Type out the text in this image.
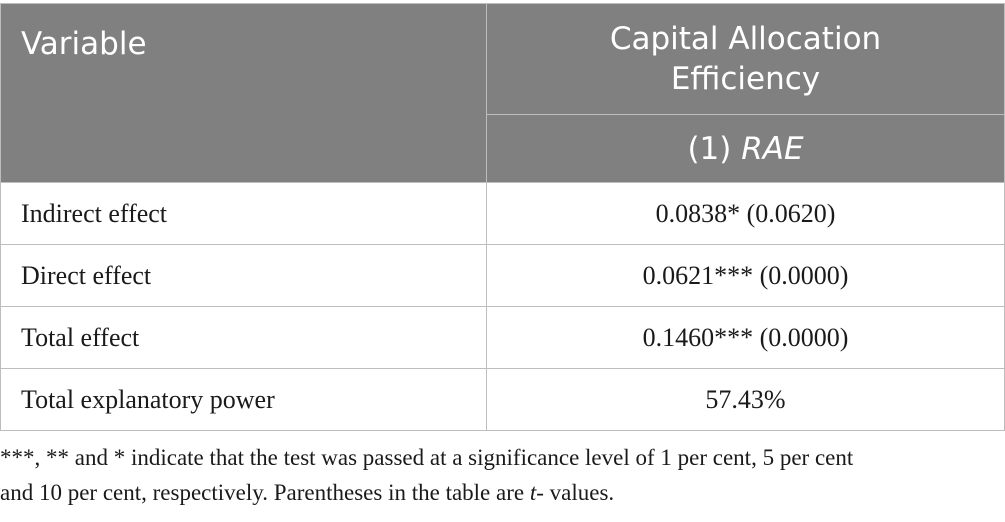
Variable	Capital Allocation Efficiency
	(1) RAE
Indirect effect	0.0838* (0.0620)
Direct effect	0.0621*** (0.0000)
Total effect	0.1460*** (0.0000)
Total explanatory power	57.43%
***, ** and * indicate that the test was passed at a significance level of 1 per cent, 5 per cent
and 10 per cent, respectively. Parentheses in the table are t- values.
